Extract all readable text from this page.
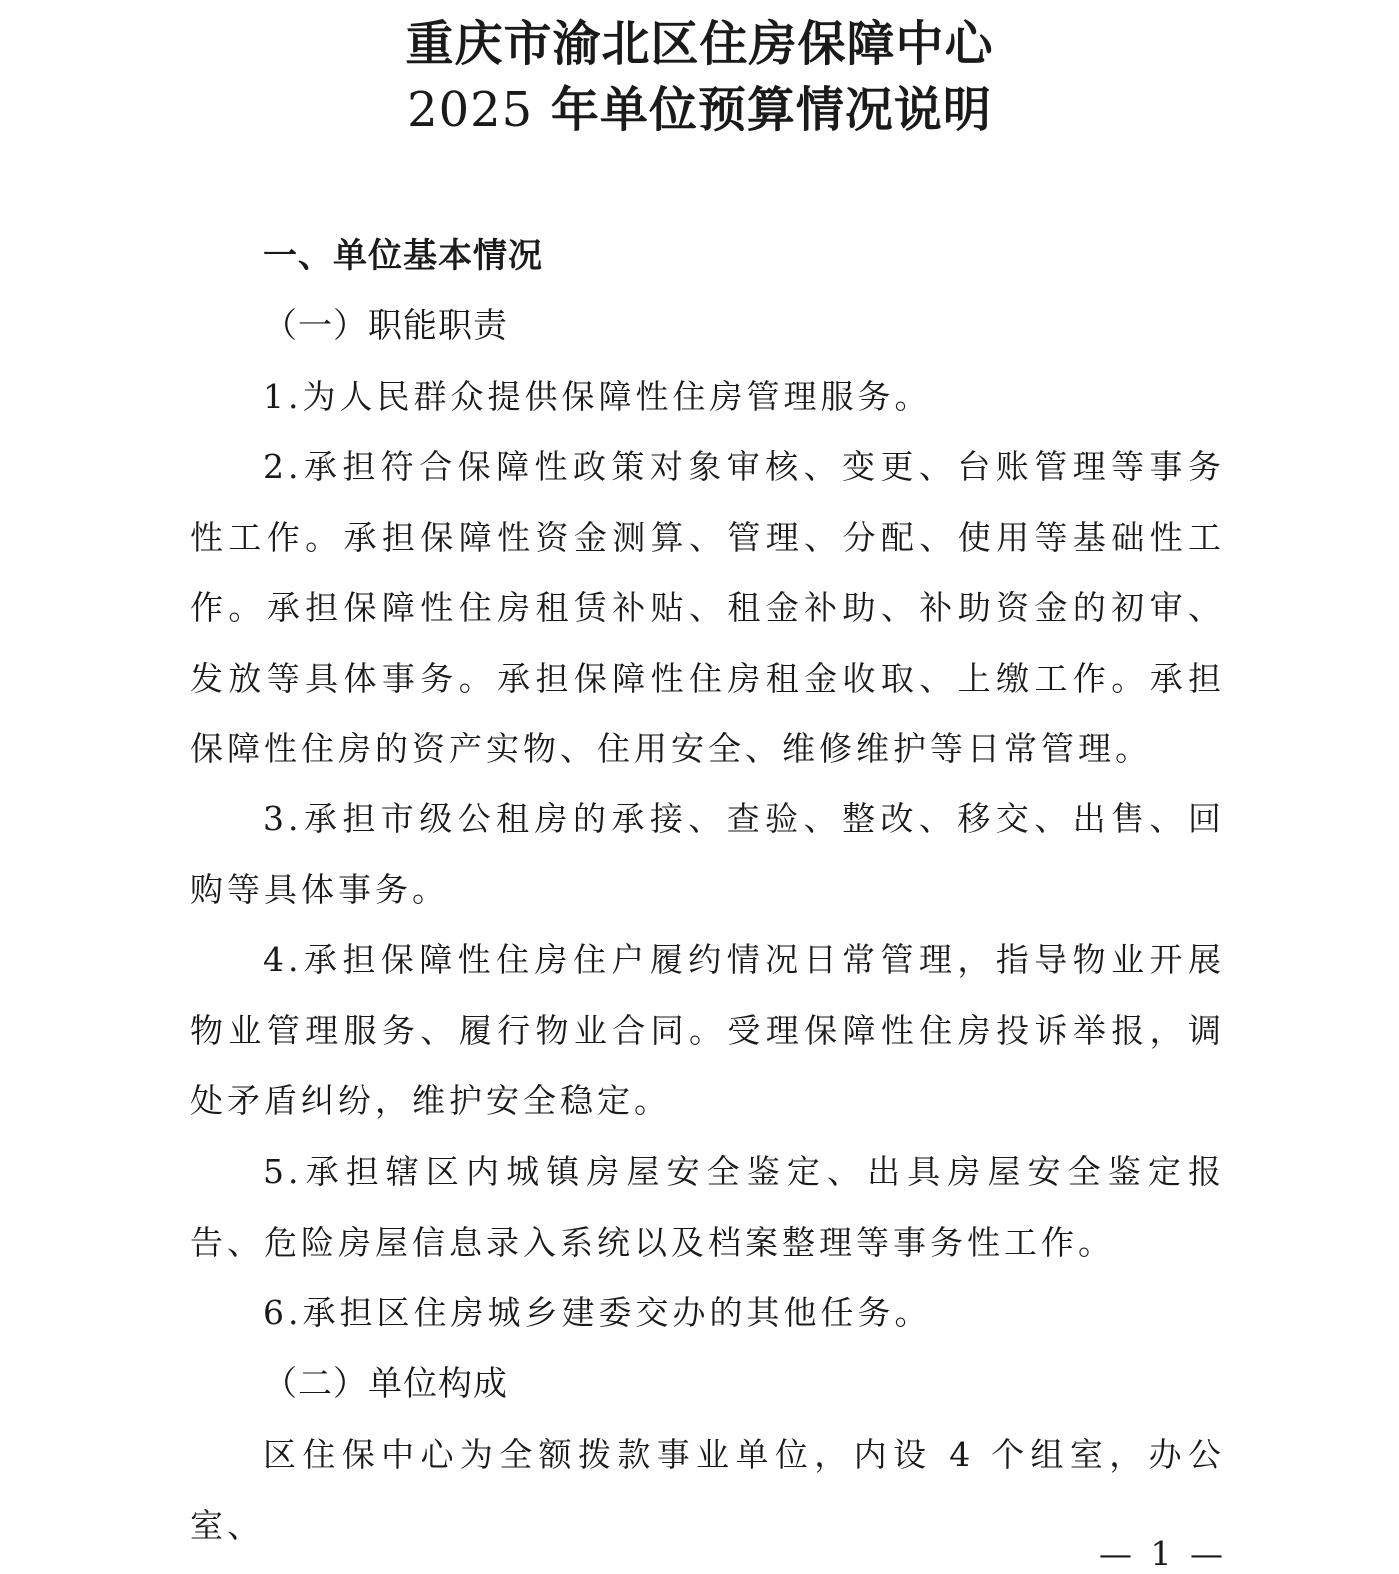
重庆市渝北区住房保障中心
2025 年单位预算情况说明
一、单位基本情况
（一）职能职责

1.为人民群众提供保障性住房管理服务。

2.承担符合保障性政策对象审核、变更、台账管理等事务性工作。承担保障性资金测算、管理、分配、使用等基础性工作。承担保障性住房租赁补贴、租金补助、补助资金的初审、发放等具体事务。承担保障性住房租金收取、上缴工作。承担保障性住房的资产实物、住用安全、维修维护等日常管理。

3.承担市级公租房的承接、查验、整改、移交、出售、回购等具体事务。

4.承担保障性住房住户履约情况日常管理，指导物业开展物业管理服务、履行物业合同。受理保障性住房投诉举报，调处矛盾纠纷，维护安全稳定。

5.承担辖区内城镇房屋安全鉴定、出具房屋安全鉴定报告、危险房屋信息录入系统以及档案整理等事务性工作。

6.承担区住房城乡建委交办的其他任务。

（二）单位构成

区住保中心为全额拨款事业单位，内设 4 个组室，办公室、

— 1 —
